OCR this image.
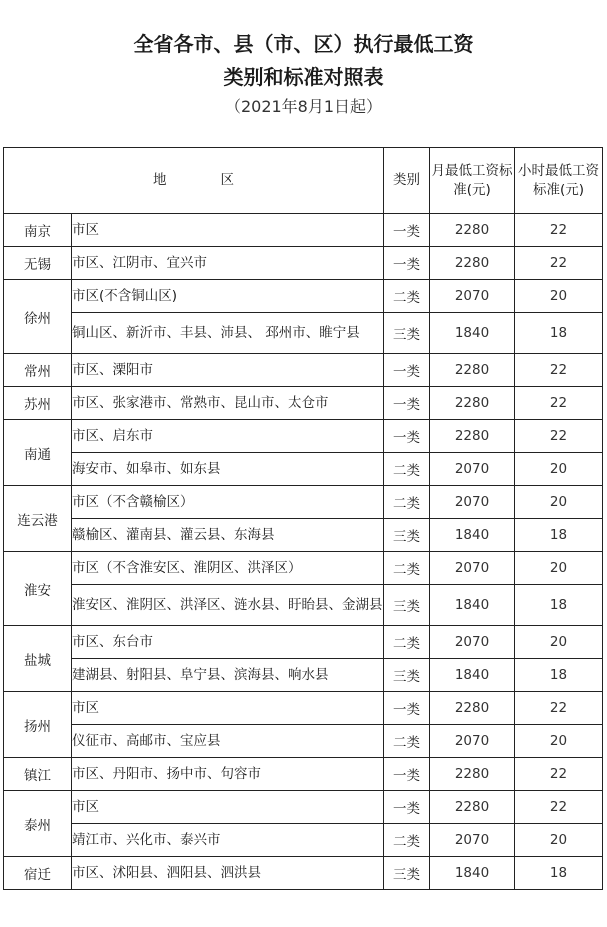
全省各市、县（市、区）执行最低工资
类别和标准对照表
（2021年8月1日起）
地　　　　区		类别	月最低工资标准(元)	小时最低工资标准(元)
南京	市区	一类	2280	22
无锡	市区、江阴市、宜兴市	一类	2280	22
徐州	市区(不含铜山区)	二类	2070	20
	铜山区、新沂市、丰县、沛县、 邳州市、睢宁县	三类	1840	18
常州	市区、溧阳市	一类	2280	22
苏州	市区、张家港市、常熟市、昆山市、太仓市	一类	2280	22
南通	市区、启东市	一类	2280	22
	海安市、如皋市、如东县	二类	2070	20
连云港	市区（不含赣榆区）	二类	2070	20
	赣榆区、灌南县、灌云县、东海县	三类	1840	18
淮安	市区（不含淮安区、淮阴区、洪泽区）	二类	2070	20
	淮安区、淮阴区、洪泽区、涟水县、盱眙县、金湖县	三类	1840	18
盐城	市区、东台市	二类	2070	20
	建湖县、射阳县、阜宁县、滨海县、响水县	三类	1840	18
扬州	市区	一类	2280	22
	仪征市、高邮市、宝应县	二类	2070	20
镇江	市区、丹阳市、扬中市、句容市	一类	2280	22
泰州	市区	一类	2280	22
	靖江市、兴化市、泰兴市	二类	2070	20
宿迁	市区、沭阳县、泗阳县、泗洪县	三类	1840	18
